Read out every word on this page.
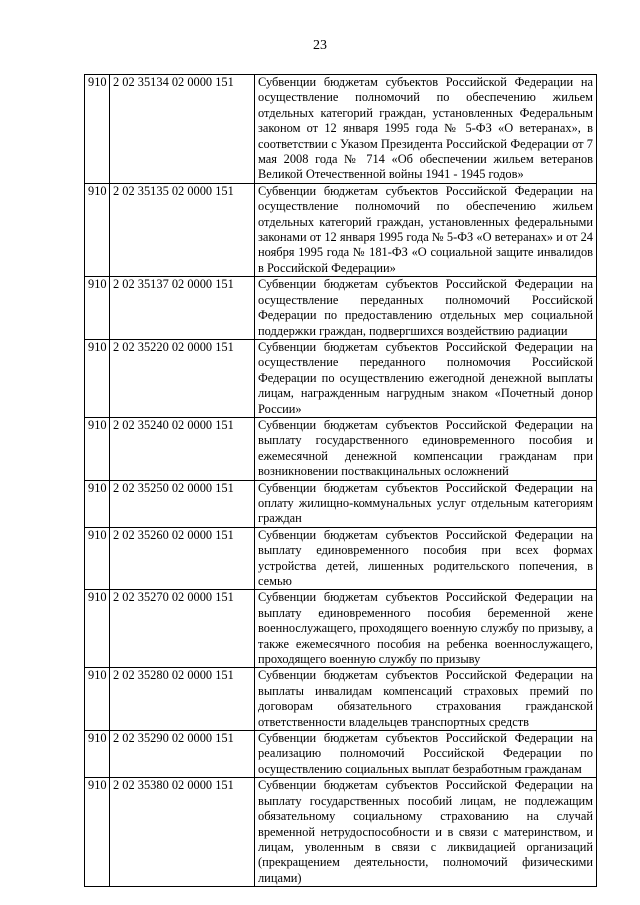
23
910	2 02 35134 02 0000 151	Субвенции бюджетам субъектов Российской Федерации на осуществление полномочий по обеспечению жильем отдельных категорий граждан, установленных Федеральным законом от 12 января 1995 года № 5-ФЗ «О ветеранах», в соответствии с Указом Президента Российской Федерации от 7 мая 2008 года № 714 «Об обеспечении жильем ветеранов Великой Отечественной войны 1941 - 1945 годов»
910	2 02 35135 02 0000 151	Субвенции бюджетам субъектов Российской Федерации на осуществление полномочий по обеспечению жильем отдельных категорий граждан, установленных федеральными законами от 12 января 1995 года № 5-ФЗ «О ветеранах» и от 24 ноября 1995 года № 181-ФЗ «О социальной защите инвалидов в Российской Федерации»
910	2 02 35137 02 0000 151	Субвенции бюджетам субъектов Российской Федерации на осуществление переданных полномочий Российской Федерации по предоставлению отдельных мер социальной поддержки граждан, подвергшихся воздействию радиации
910	2 02 35220 02 0000 151	Субвенции бюджетам субъектов Российской Федерации на осуществление переданного полномочия Российской Федерации по осуществлению ежегодной денежной выплаты лицам, награжденным нагрудным знаком «Почетный донор России»
910	2 02 35240 02 0000 151	Субвенции бюджетам субъектов Российской Федерации на выплату государственного единовременного пособия и ежемесячной денежной компенсации гражданам при возникновении поствакцинальных осложнений
910	2 02 35250 02 0000 151	Субвенции бюджетам субъектов Российской Федерации на оплату жилищно-коммунальных услуг отдельным категориям граждан
910	2 02 35260 02 0000 151	Субвенции бюджетам субъектов Российской Федерации на выплату единовременного пособия при всех формах устройства детей, лишенных родительского попечения, в семью
910	2 02 35270 02 0000 151	Субвенции бюджетам субъектов Российской Федерации на выплату единовременного пособия беременной жене военнослужащего, проходящего военную службу по призыву, а также ежемесячного пособия на ребенка военнослужащего, проходящего военную службу по призыву
910	2 02 35280 02 0000 151	Субвенции бюджетам субъектов Российской Федерации на выплаты инвалидам компенсаций страховых премий по договорам обязательного страхования гражданской ответственности владельцев транспортных средств
910	2 02 35290 02 0000 151	Субвенции бюджетам субъектов Российской Федерации на реализацию полномочий Российской Федерации по осуществлению социальных выплат безработным гражданам
910	2 02 35380 02 0000 151	Субвенции бюджетам субъектов Российской Федерации на выплату государственных пособий лицам, не подлежащим обязательному социальному страхованию на случай временной нетрудоспособности и в связи с материнством, и лицам, уволенным в связи с ликвидацией организаций (прекращением деятельности, полномочий физическими лицами)
